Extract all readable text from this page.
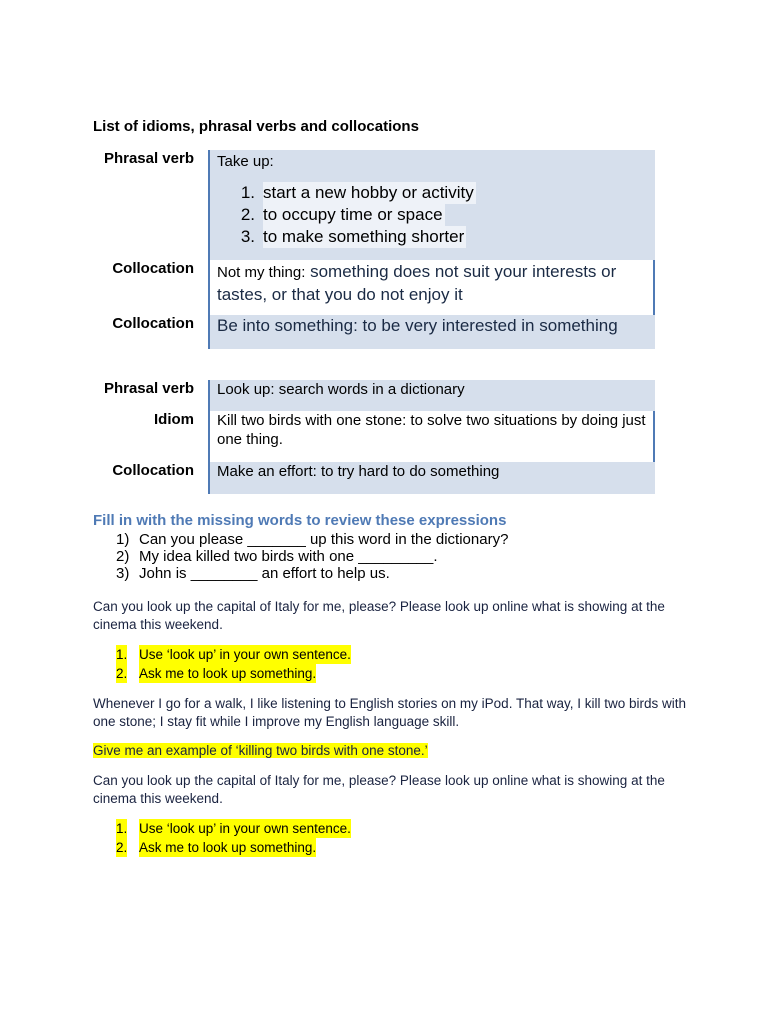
List of idioms, phrasal verbs and collocations
Take up:
Phrasal verb
1. start a new hobby or activity
2. to occupy time or space
3. to make something shorter
Not my thing: something does not suit your interests or tastes, or that you do not enjoy it
Collocation
Be into something: to be very interested in something
Collocation
Look up: search words in a dictionary
Phrasal verb
Kill two birds with one stone: to solve two situations by doing just one thing.
Idiom
Make an effort: to try hard to do something
Collocation
Fill in with the missing words to review these expressions
1) Can you please _______ up this word in the dictionary?
2) My idea killed two birds with one _________.
3) John is ________ an effort to help us.
Can you look up the capital of Italy for me, please? Please look up online what is showing at the cinema this weekend.
1. Use ‘look up’ in your own sentence.
2. Ask me to look up something.
Whenever I go for a walk, I like listening to English stories on my iPod. That way, I kill two birds with one stone; I stay fit while I improve my English language skill.
Give me an example of ‘killing two birds with one stone.’
Can you look up the capital of Italy for me, please? Please look up online what is showing at the cinema this weekend.
1. Use ‘look up’ in your own sentence.
2. Ask me to look up something.
